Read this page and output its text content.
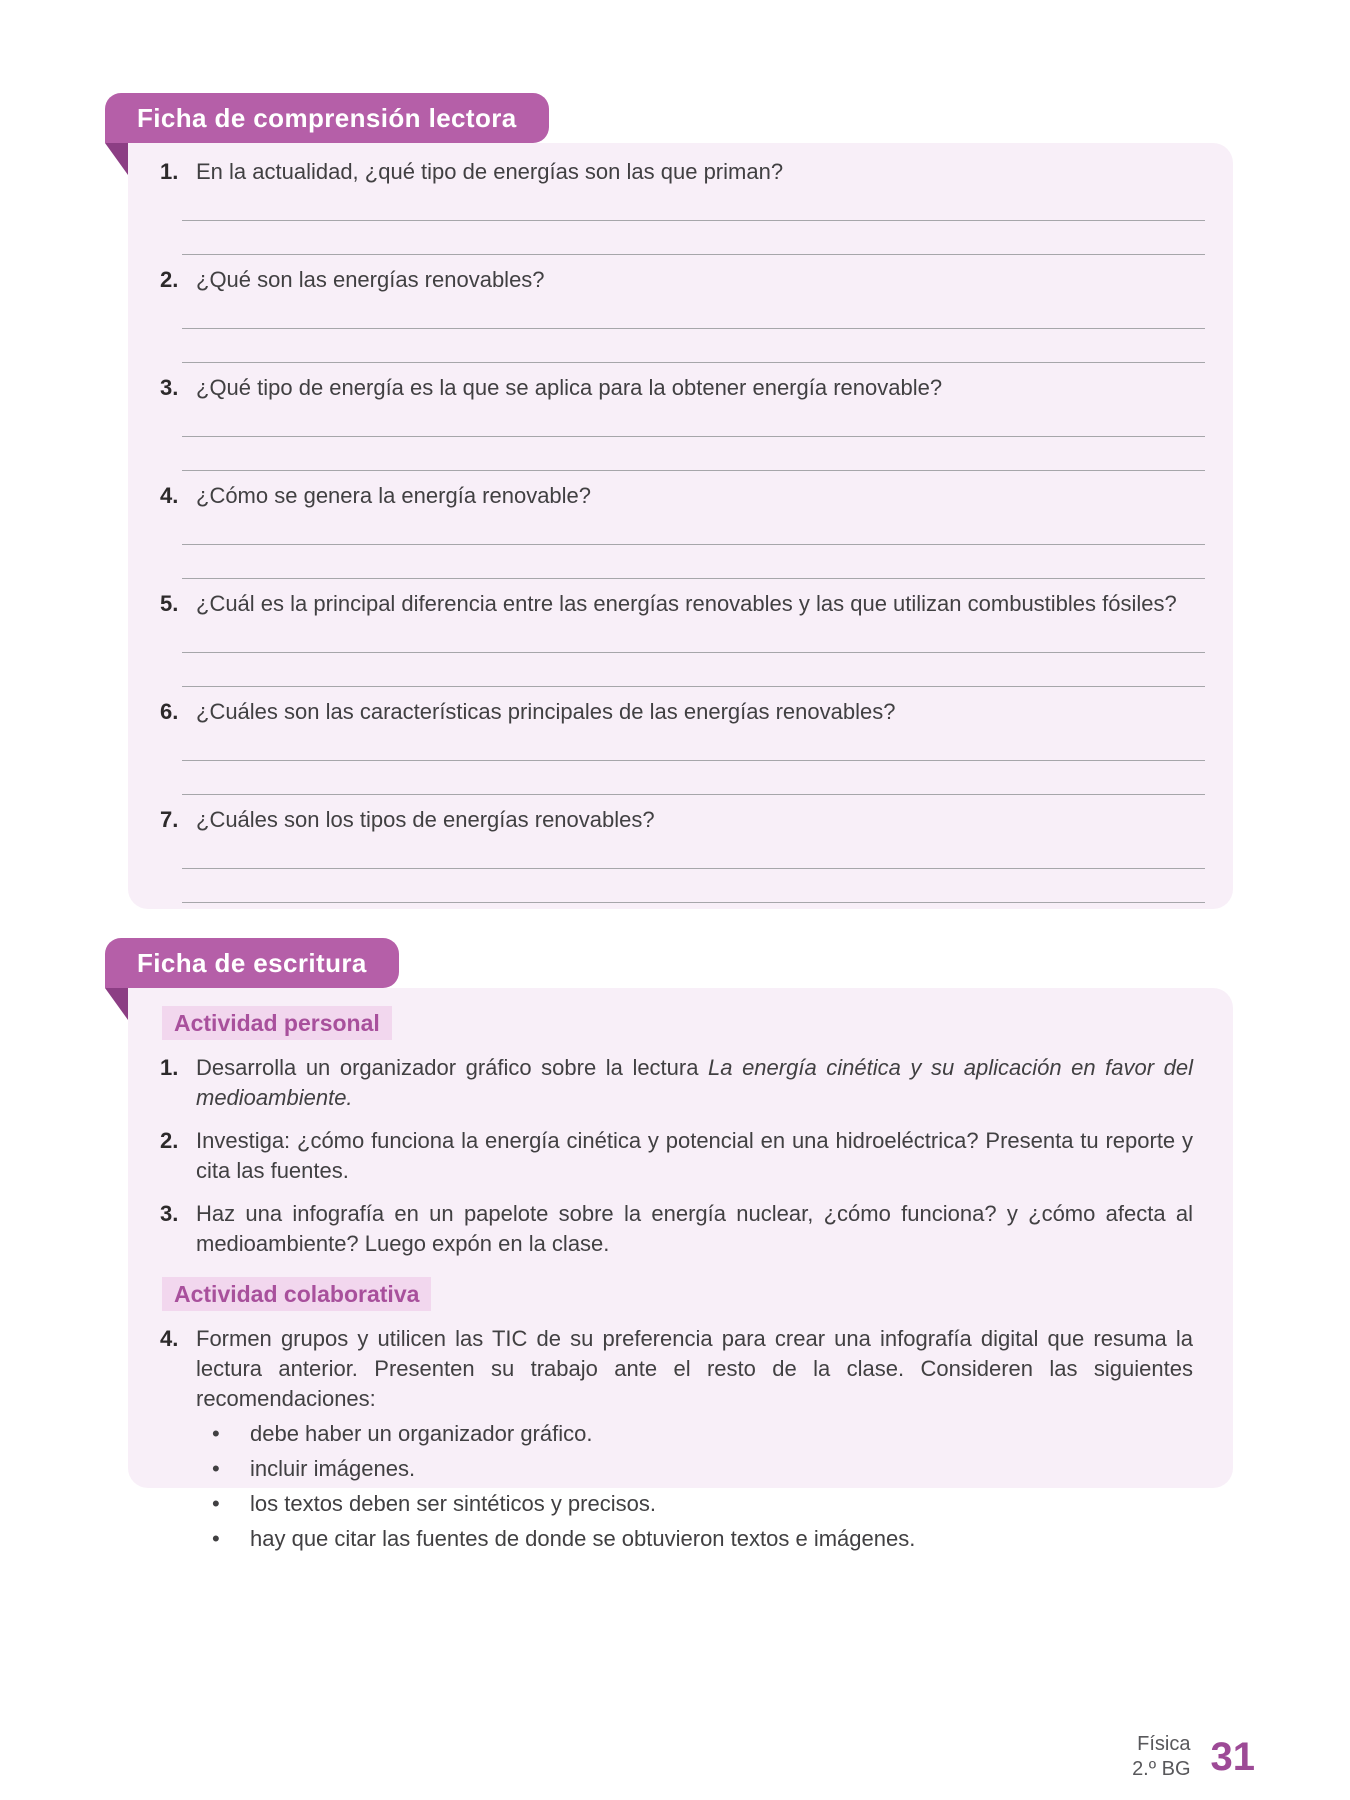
Ficha de comprensión lectora
1. En la actualidad, ¿qué tipo de energías son las que priman?
2. ¿Qué son las energías renovables?
3. ¿Qué tipo de energía es la que se aplica para la obtener energía renovable?
4. ¿Cómo se genera la energía renovable?
5. ¿Cuál es la principal diferencia entre las energías renovables y las que utilizan combustibles fósiles?
6. ¿Cuáles son las características principales de las energías renovables?
7. ¿Cuáles son los tipos de energías renovables?
Ficha de escritura
Actividad personal
1. Desarrolla un organizador gráfico sobre la lectura La energía cinética y su aplicación en favor del medioambiente.
2. Investiga: ¿cómo funciona la energía cinética y potencial en una hidroeléctrica? Presenta tu reporte y cita las fuentes.
3. Haz una infografía en un papelote sobre la energía nuclear, ¿cómo funciona? y ¿cómo afecta al medioambiente? Luego expón en la clase.
Actividad colaborativa
4. Formen grupos y utilicen las TIC de su preferencia para crear una infografía digital que resuma la lectura anterior. Presenten su trabajo ante el resto de la clase. Consideren las siguientes recomendaciones:
•	debe haber un organizador gráfico.
•	incluir imágenes.
•	los textos deben ser sintéticos y precisos.
•	hay que citar las fuentes de donde se obtuvieron textos e imágenes.
Física
2.º BG 31
